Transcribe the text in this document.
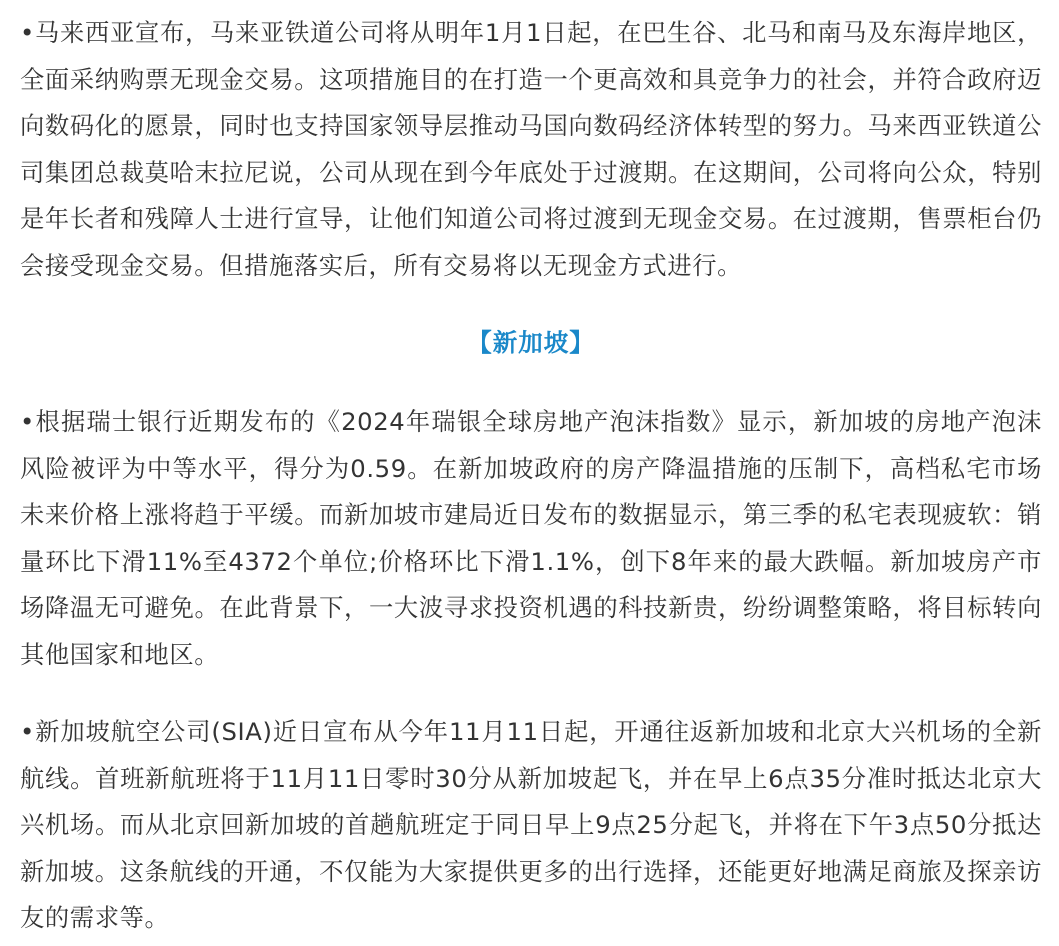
•马来西亚宣布，马来亚铁道公司将从明年1月1日起，在巴生谷、北马和南马及东海岸地区，全面采纳购票无现金交易。这项措施目的在打造一个更高效和具竞争力的社会，并符合政府迈向数码化的愿景，同时也支持国家领导层推动马国向数码经济体转型的努力。马来西亚铁道公司集团总裁莫哈末拉尼说，公司从现在到今年底处于过渡期。在这期间，公司将向公众，特别是年长者和残障人士进行宣导，让他们知道公司将过渡到无现金交易。在过渡期，售票柜台仍会接受现金交易。但措施落实后，所有交易将以无现金方式进行。

【新加坡】

•根据瑞士银行近期发布的《2024年瑞银全球房地产泡沫指数》显示，新加坡的房地产泡沫风险被评为中等水平，得分为0.59。在新加坡政府的房产降温措施的压制下，高档私宅市场未来价格上涨将趋于平缓。而新加坡市建局近日发布的数据显示，第三季的私宅表现疲软：销量环比下滑11%至4372个单位;价格环比下滑1.1%，创下8年来的最大跌幅。新加坡房产市场降温无可避免。在此背景下，一大波寻求投资机遇的科技新贵，纷纷调整策略，将目标转向其他国家和地区。

•新加坡航空公司(SIA)近日宣布从今年11月11日起，开通往返新加坡和北京大兴机场的全新航线。首班新航班将于11月11日零时30分从新加坡起飞，并在早上6点35分准时抵达北京大兴机场。而从北京回新加坡的首趟航班定于同日早上9点25分起飞，并将在下午3点50分抵达新加坡。这条航线的开通，不仅能为大家提供更多的出行选择，还能更好地满足商旅及探亲访友的需求等。
